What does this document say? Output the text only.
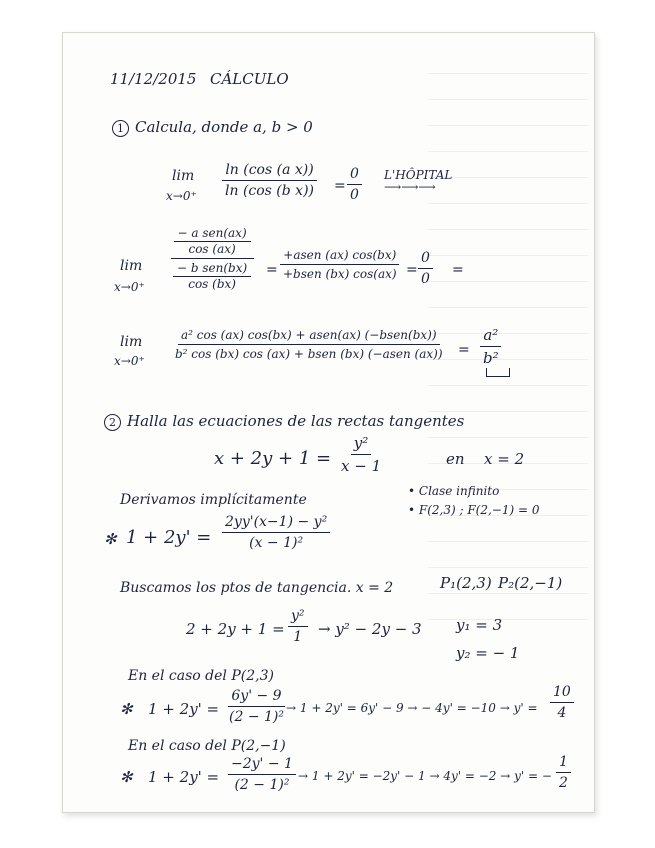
11/12/2015 CÁLCULO
1 Calcula, donde a, b > 0
lim
$x\to 0^+ \frac{\text{ln (cos (a x))}}{\text{ln (cos (b x))}} = \frac{0}{0}$ L'HÔPITAL
⟶⟶⟶
− a sen(ax)
cos (ax)
− b sen(bx)
cos (bx)
lim
x→0⁺
=
+asen (ax) cos(bx)
+bsen (bx) $\cos(ax) = \frac{0}{0}$ =
lim
x→0⁺
a² cos (ax) cos(bx) + asen(ax) (−bsen(bx))
b² cos (bx) cos (ax) + bsen (bx) (−asen $(ax)) = \frac{\text{a²}}{\text{b²}}$
2 Halla las ecuaciones de las rectas tangentes
$x + 2y + 1 = \frac{\text{y²}}{x - 1}$	en x = 2
Derivamos implícitamente
• Clase infinito
• F(2,3) ; F(2,−1) = 0
✻ $1 + 2y' = \frac{\text{2yy'(x−1) − y²}}{\text{(x − 1)²}}$
Buscamos los ptos de tangencia. x = 2	P₁(2,3) P₂(2,−1)
$2 + 2y + 1 = \frac{\text{y²}}{1} \to y^2 - 2y - 3$ y₁ = 3
y₂ = − 1
En el caso del P(2,3)
✻ $1 + 2y' = \frac{6y' - 9}{\text{(2 − 1)²}} \to 1 + 2y' = 6y' - 9$ → − $4y' = -10 \to y' = \frac{10}{4}$
En el caso del P(2,−1)
✻ $1 + 2y' = \frac{-2y' - 1}{\text{(2 − 1)²}} \to 1 + 2y' = -2y' - 1 \to 4y' = -2 \to y'$ = − $\frac{1}{2}$
